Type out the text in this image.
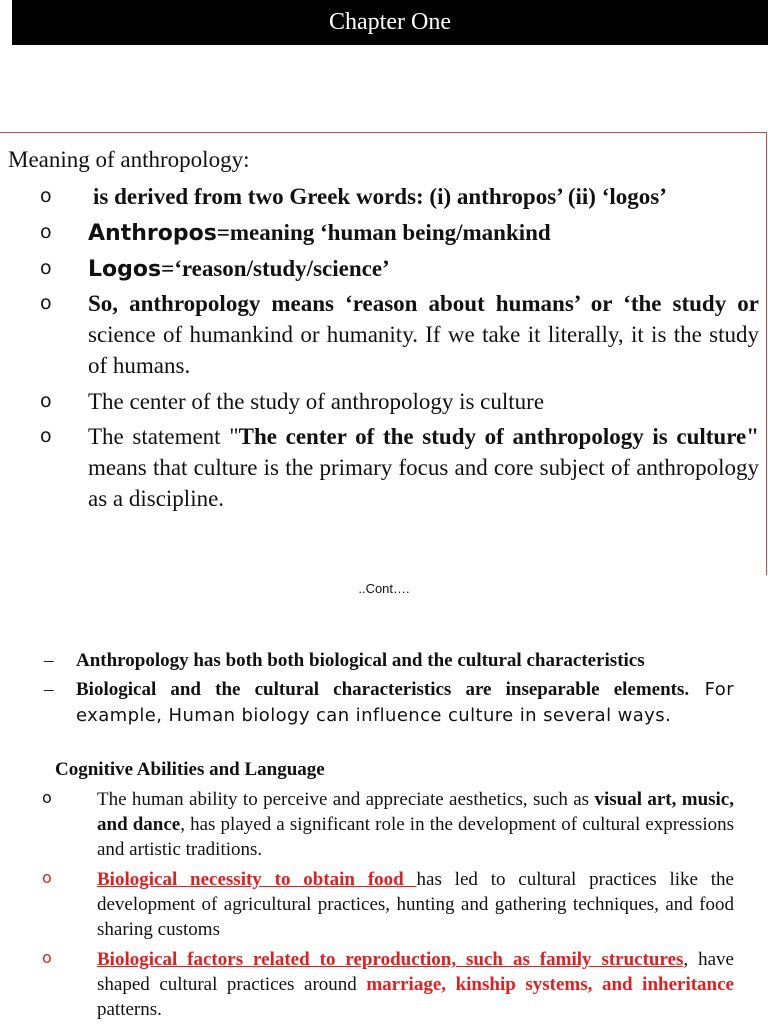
Chapter One

Meaning of anthropology:

o is derived from two Greek words: (i) anthropos’ (ii) ‘logos’
o Anthropos=meaning ‘human being/mankind
o Logos=‘reason/study/science’
o So, anthropology means ‘reason about humans’ or ‘the study or science of humankind or humanity. If we take it literally, it is the study of humans.
o The center of the study of anthropology is culture
o The statement "The center of the study of anthropology is culture" means that culture is the primary focus and core subject of anthropology as a discipline.
..Cont….
– Anthropology has both both biological and the cultural characteristics
– Biological and the cultural characteristics are inseparable elements. For example, Human biology can influence culture in several ways.
Cognitive Abilities and Language
o The human ability to perceive and appreciate aesthetics, such as visual art, music, and dance, has played a significant role in the development of cultural expressions and artistic traditions.
o Biological necessity to obtain food has led to cultural practices like the development of agricultural practices, hunting and gathering techniques, and food sharing customs
o Biological factors related to reproduction, such as family structures, have shaped cultural practices around marriage, kinship systems, and inheritance patterns.
